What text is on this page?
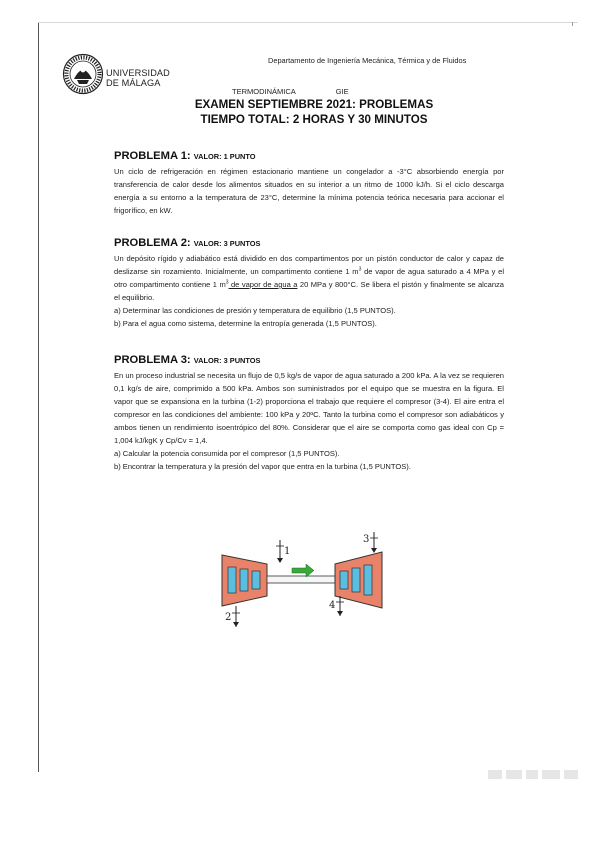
UNIVERSIDAD
DE MÁLAGA
Departamento de Ingeniería Mecánica, Térmica y de Fluidos
TERMODINÁMICA	GIE
EXAMEN SEPTIEMBRE 2021: PROBLEMAS
TIEMPO TOTAL: 2 HORAS Y 30 MINUTOS
PROBLEMA 1: VALOR: 1 PUNTO
Un ciclo de refrigeración en régimen estacionario mantiene un congelador a -3°C absorbiendo energía por transferencia de calor desde los alimentos situados en su interior a un ritmo de 1000 kJ/h. Si el ciclo descarga energía a su entorno a la temperatura de 23°C, determine la mínima potencia teórica necesaria para accionar el frigorífico, en kW.
PROBLEMA 2: VALOR: 3 PUNTOS
Un depósito rígido y adiabático está dividido en dos compartimentos por un pistón conductor de calor y capaz de deslizarse sin rozamiento. Inicialmente, un compartimento contiene 1 $m^3$ de vapor de agua saturado a 4 MPa y el otro compartimento contiene 1 $m^3$ de vapor de agua a 20 MPa y 800°C. Se libera el pistón y finalmente se alcanza el equilibrio.
a) Determinar las condiciones de presión y temperatura de equilibrio (1,5 PUNTOS).
b) Para el agua como sistema, determine la entropía generada (1,5 PUNTOS).
PROBLEMA 3: VALOR: 3 PUNTOS
En un proceso industrial se necesita un flujo de 0,5 kg/s de vapor de agua saturado a 200 kPa. A la vez se requieren 0,1 kg/s de aire, comprimido a 500 kPa. Ambos son suministrados por el equipo que se muestra en la figura. El vapor que se expansiona en la turbina (1-2) proporciona el trabajo que requiere el compresor (3-4). El aire entra el compresor en las condiciones del ambiente: 100 kPa y 20ºC. Tanto la turbina como el compresor son adiabáticos y ambos tienen un rendimiento isoentrópico del 80%. Considerar que el aire se comporta como gas ideal con Cp = 1,004 kJ/kgK y Cp/Cv = 1,4.
a) Calcular la potencia consumida por el compresor (1,5 PUNTOS).
b) Encontrar la temperatura y la presión del vapor que entra en la turbina (1,5 PUNTOS).
1
2
3
4
